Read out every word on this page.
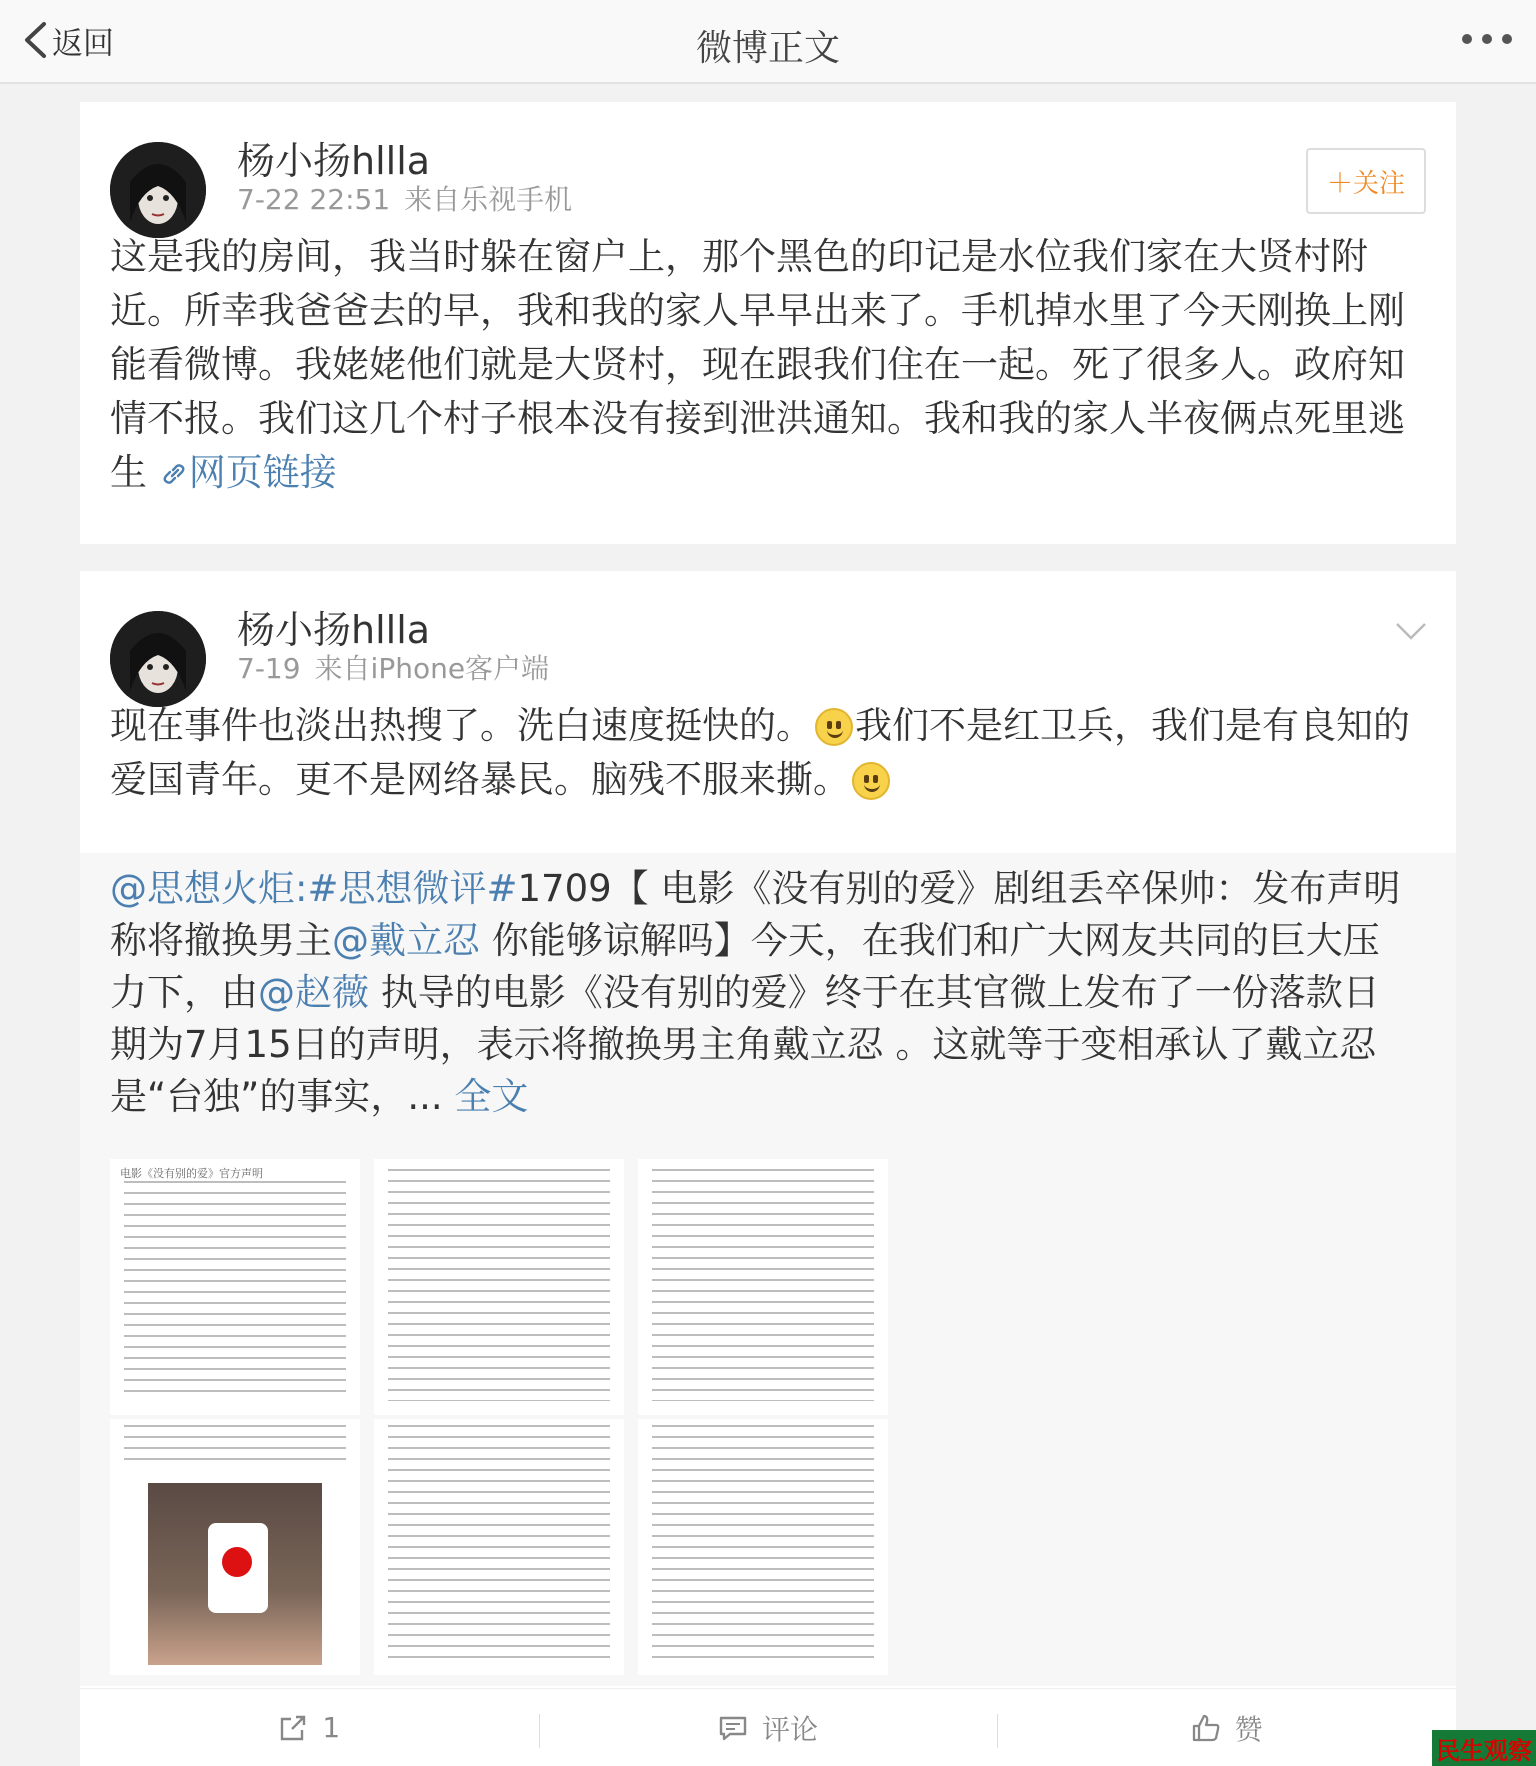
返回	微博正文
杨小扬hllla
7-22 22:51 来自乐视手机	＋关注
这是我的房间，我当时躲在窗户上，那个黑色的印记是水位我们家在大贤村附近。所幸我爸爸去的早，我和我的家人早早出来了。手机掉水里了今天刚换上刚能看微博。我姥姥他们就是大贤村，现在跟我们住在一起。死了很多人。政府知情不报。我们这几个村子根本没有接到泄洪通知。我和我的家人半夜俩点死里逃生 网页链接
杨小扬hllla
7-19 来自iPhone客户端
现在事件也淡出热搜了。洗白速度挺快的。 我们不是红卫兵，我们是有良知的爱国青年。更不是网络暴民。脑残不服来撕。
@思想火炬:#思想微评#1709【 电影《没有别的爱》剧组丢卒保帅：发布声明称将撤换男主@戴立忍 你能够谅解吗】今天，在我们和广大网友共同的巨大压力下，由@赵薇 执导的电影《没有别的爱》终于在其官微上发布了一份落款日期为7月15日的声明，表示将撤换男主角戴立忍 。这就等于变相承认了戴立忍是“台独”的事实，... 全文
电影《没有别的爱》官方声明
1	评论	赞
民生观察
